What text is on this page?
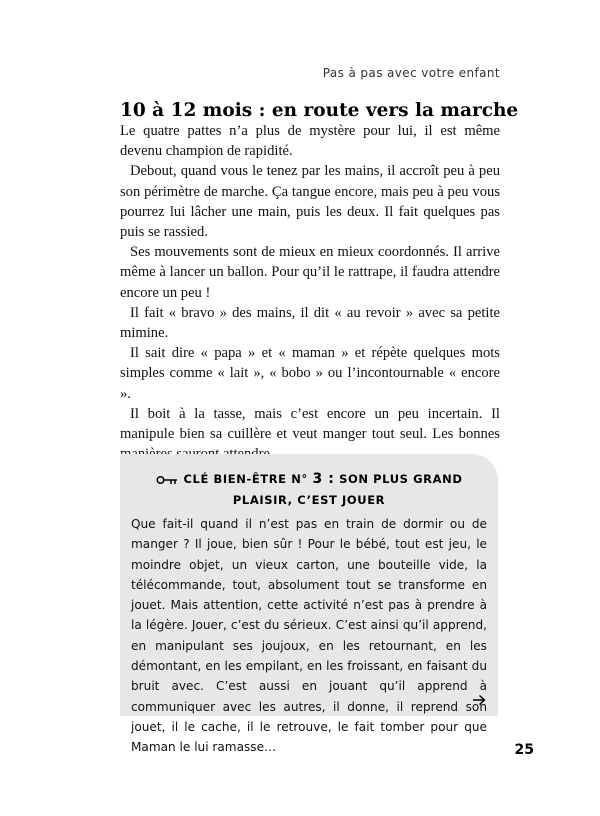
Pas à pas avec votre enfant
10 à 12 mois : en route vers la marche

Le quatre pattes n’a plus de mystère pour lui, il est même devenu champion de rapidité.

Debout, quand vous le tenez par les mains, il accroît peu à peu son périmètre de marche. Ça tangue encore, mais peu à peu vous pourrez lui lâcher une main, puis les deux. Il fait quelques pas puis se rassied.

Ses mouvements sont de mieux en mieux coordonnés. Il arrive même à lancer un ballon. Pour qu’il le rattrape, il faudra attendre encore un peu !

Il fait « bravo » des mains, il dit « au revoir » avec sa petite mimine.

Il sait dire « papa » et « maman » et répète quelques mots simples comme « lait », « bobo » ou l’incontournable « encore ».

Il boit à la tasse, mais c’est encore un peu incertain. Il manipule bien sa cuillère et veut manger tout seul. Les bonnes

CLÉ BIEN-ÊTRE N° 3 : SON PLUS GRAND
PLAISIR, C’EST JOUER
Que fait-il quand il n’est pas en train de dormir ou de manger ? Il joue, bien sûr ! Pour le bébé, tout est jeu, le moindre objet, un vieux carton, une bouteille vide, la télécommande, tout, absolument tout se transforme en jouet. Mais attention, cette activité n’est pas à prendre à la légère. Jouer, c’est du sérieux. C’est ainsi qu’il apprend, en manipulant ses joujoux, en les retournant, en les démontant, en les empilant, en les froissant, en faisant du bruit avec. C’est aussi en jouant qu’il apprend à communiquer avec les autres, il donne, il reprend son jouet, il le cache, il le retrouve, le fait tomber pour que Maman le lui ramasse…	25
